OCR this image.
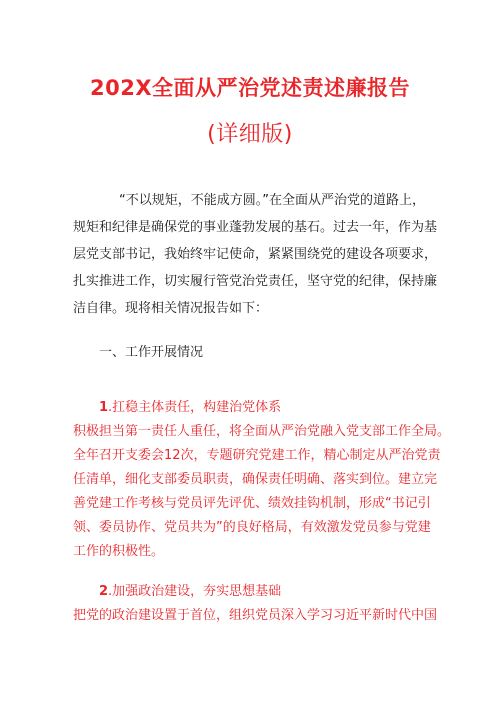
202X全面从严治党述责述廉报告
(详细版)
“不以规矩，不能成方圆。”在全面从严治党的道路上，
规矩和纪律是确保党的事业蓬勃发展的基石。过去一年，作为基
层党支部书记，我始终牢记使命，紧紧围绕党的建设各项要求，
扎实推进工作，切实履行管党治党责任，坚守党的纪律，保持廉
洁自律。现将相关情况报告如下：
一、工作开展情况
1.扛稳主体责任，构建治党体系
积极担当第一责任人重任，将全面从严治党融入党支部工作全局。
全年召开支委会12次，专题研究党建工作，精心制定从严治党责
任清单，细化支部委员职责，确保责任明确、落实到位。建立完
善党建工作考核与党员评先评优、绩效挂钩机制，形成“书记引
领、委员协作、党员共为”的良好格局，有效激发党员参与党建
工作的积极性。
2.加强政治建设，夯实思想基础
把党的政治建设置于首位，组织党员深入学习习近平新时代中国
